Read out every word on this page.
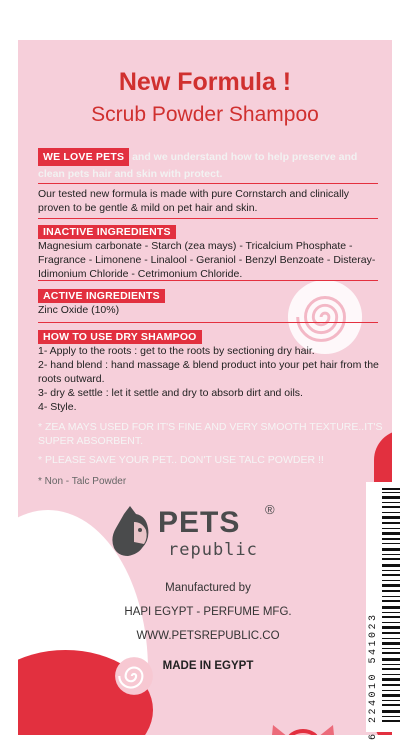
New Formula !
Scrub Powder Shampoo
WE LOVE PETS and we understand how to help preserve and clean pets hair and skin with protect.
Our tested new formula is made with pure Cornstarch and clinically proven to be gentle & mild on pet hair and skin.
INACTIVE INGREDIENTS
Magnesium carbonate - Starch (zea mays) - Tricalcium Phosphate - Fragrance - Limonene - Linalool - Geraniol - Benzyl Benzoate - Disteray-Idimonium Chloride - Cetrimonium Chloride.
ACTIVE INGREDIENTS
Zinc Oxide (10%)
HOW TO USE DRY SHAMPOO
1- Apply to the roots : get to the roots by sectioning dry hair.
2- hand blend : hand massage & blend product into your pet hair from the roots outward.
3- dry & settle : let it settle and dry to absorb dirt and oils.
4- Style.
* ZEA MAYS USED FOR IT'S FINE AND VERY SMOOTH TEXTURE..IT'S SUPER ABSORBENT.
* PLEASE SAVE YOUR PET.. DON'T USE TALC POWDER !!
* Non - Talc Powder
PETS ®
republic
Manufactured by
HAPI EGYPT - PERFUME MFG.
WWW.PETSREPUBLIC.CO
MADE IN EGYPT	6 224010 541023
